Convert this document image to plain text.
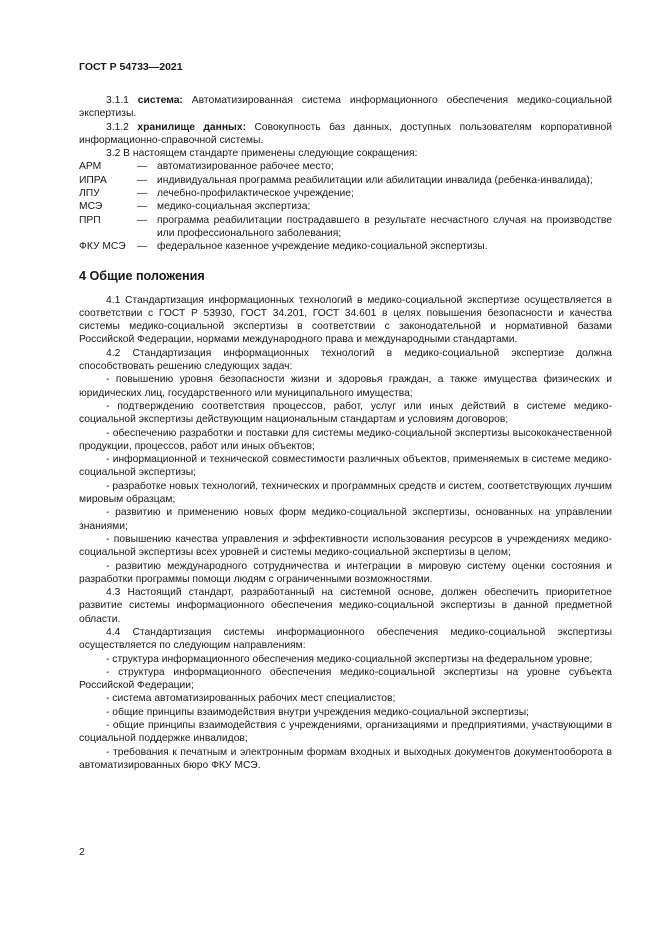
ГОСТ Р 54733—2021

3.1.1 система: Автоматизированная система информационного обеспечения медико-социальной экспертизы.

3.1.2 хранилище данных: Совокупность баз данных, доступных пользователям корпоративной информационно-справочной системы.

3.2 В настоящем стандарте применены следующие сокращения:

АРМ	— автоматизированное рабочее место;
ИПРА	— индивидуальная программа реабилитации или абилитации инвалида (ребенка-инвалида);
ЛПУ	— лечебно-профилактическое учреждение;
МСЭ	— медико-социальная экспертиза;
ПРП	— программа реабилитации пострадавшего в результате несчастного случая на производстве или профессионального заболевания;
ФКУ МСЭ	— федеральное казенное учреждение медико-социальной экспертизы.
4 Общие положения

4.1 Стандартизация информационных технологий в медико-социальной экспертизе осуществляется в соответствии с ГОСТ Р 53930, ГОСТ 34.201, ГОСТ 34.601 в целях повышения безопасности и качества системы медико-социальной экспертизы в соответствии с законодательной и нормативной базами Российской Федерации, нормами международного права и международными стандартами.

4.2 Стандартизация информационных технологий в медико-социальной экспертизе должна способствовать решению следующих задач:

- повышению уровня безопасности жизни и здоровья граждан, а также имущества физических и юридических лиц, государственного или муниципального имущества;

- подтверждению соответствия процессов, работ, услуг или иных действий в системе медико-социальной экспертизы действующим национальным стандартам и условиям договоров;

- обеспечению разработки и поставки для системы медико-социальной экспертизы высококачественной продукции, процессов, работ или иных объектов;

- информационной и технической совместимости различных объектов, применяемых в системе медико-социальной экспертизы;

- разработке новых технологий, технических и программных средств и систем, соответствующих лучшим мировым образцам;

- развитию и применению новых форм медико-социальной экспертизы, основанных на управлении знаниями;

- повышению качества управления и эффективности использования ресурсов в учреждениях медико-социальной экспертизы всех уровней и системы медико-социальной экспертизы в целом;

- развитию международного сотрудничества и интеграции в мировую систему оценки состояния и разработки программы помощи людям с ограниченными возможностями.

4.3 Настоящий стандарт, разработанный на системной основе, должен обеспечить приоритетное развитие системы информационного обеспечения медико-социальной экспертизы в данной предметной области.

4.4 Стандартизация системы информационного обеспечения медико-социальной экспертизы осуществляется по следующим направлениям:

- структура информационного обеспечения медико-социальной экспертизы на федеральном уровне;

- структура информационного обеспечения медико-социальной экспертизы на уровне субъекта Российской Федерации;

- система автоматизированных рабочих мест специалистов;

- общие принципы взаимодействия внутри учреждения медико-социальной экспертизы;

- общие принципы взаимодействия с учреждениями, организациями и предприятиями, участвующими в социальной поддержке инвалидов;

- требования к печатным и электронным формам входных и выходных документов документооборота в автоматизированных бюро ФКУ МСЭ.

2
